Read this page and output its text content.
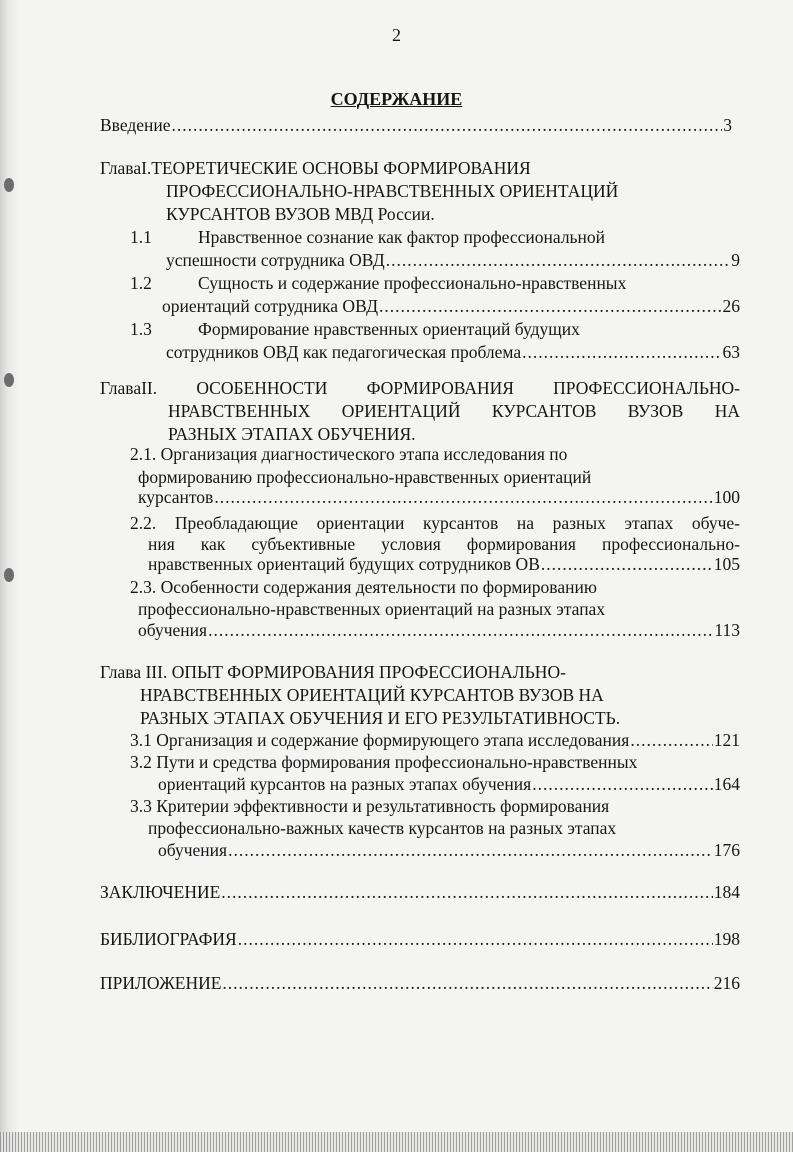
2
СОДЕРЖАНИЕ
Введение .....	3
ГлаваI.ТЕОРЕТИЧЕСКИЕ ОСНОВЫ ФОРМИРОВАНИЯ
ПРОФЕССИОНАЛЬНО-НРАВСТВЕННЫХ ОРИЕНТАЦИЙ
КУРСАНТОВ ВУЗОВ МВД России.
1.1	Нравственное сознание как фактор профессиональной
успешности сотрудника ОВД .....	9
1.2	Сущность и содержание профессионально-нравственных
ориентаций сотрудника ОВД .....	26
1.3	Формирование нравственных ориентаций будущих
сотрудников ОВД как педагогическая проблема .....	63
ГлаваII. ОСОБЕННОСТИ ФОРМИРОВАНИЯ ПРОФЕССИОНАЛЬНО-
НРАВСТВЕННЫХ ОРИЕНТАЦИЙ КУРСАНТОВ ВУЗОВ НА
РАЗНЫХ ЭТАПАХ ОБУЧЕНИЯ.
2.1. Организация диагностического этапа исследования по
формированию профессионально-нравственных ориентаций
курсантов .....	100
2.2. Преобладающие ориентации курсантов на разных этапах обуче-
ния как субъективные условия формирования профессионально-
нравственных ориентаций будущих сотрудников ОВ .....	105
2.3. Особенности содержания деятельности по формированию
профессионально-нравственных ориентаций на разных этапах
обучения .....	113
Глава III. ОПЫТ ФОРМИРОВАНИЯ ПРОФЕССИОНАЛЬНО-
НРАВСТВЕННЫХ ОРИЕНТАЦИЙ КУРСАНТОВ ВУЗОВ НА
РАЗНЫХ ЭТАПАХ ОБУЧЕНИЯ И ЕГО РЕЗУЛЬТАТИВНОСТЬ.
3.1 Организация и содержание формирующего этапа исследования .....	121
3.2 Пути и средства формирования профессионально-нравственных
ориентаций курсантов на разных этапах обучения .....	164
3.3 Критерии эффективности и результативность формирования
профессионально-важных качеств курсантов на разных этапах
обучения .....	176
ЗАКЛЮЧЕНИЕ .....	184
БИБЛИОГРАФИЯ .....	198
ПРИЛОЖЕНИЕ .....	216
